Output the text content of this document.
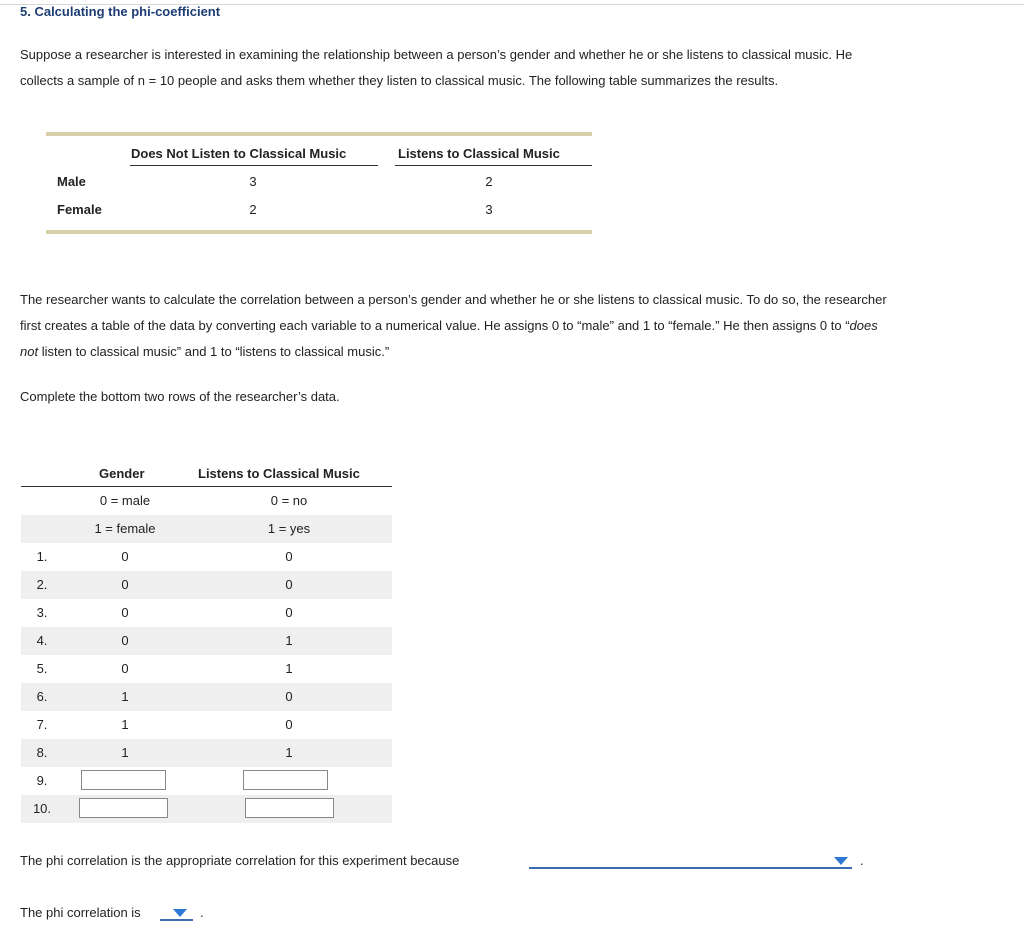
5. Calculating the phi-coefficient
Suppose a researcher is interested in examining the relationship between a person’s gender and whether he or she listens to classical music. He
collects a sample of n = 10 people and asks them whether they listen to classical music. The following table summarizes the results.
Does Not Listen to Classical Music	Listens to Classical Music
Male	3	2
Female	2	3
The researcher wants to calculate the correlation between a person’s gender and whether he or she listens to classical music. To do so, the researcher
first creates a table of the data by converting each variable to a numerical value. He assigns 0 to “male” and 1 to “female.” He then assigns 0 to “does
not listen to classical music” and 1 to “listens to classical music.”
Complete the bottom two rows of the researcher’s data.
Gender	Listens to Classical Music
0 = male	0 = no
1 = female	1 = yes
1.	0	0
2.	0	0
3.	0	0
4.	0	1
5.	0	1
6.	1	0
7.	1	0
8.	1	1
9.
10.
The phi correlation is the appropriate correlation for this experiment because	.
The phi correlation is	.
